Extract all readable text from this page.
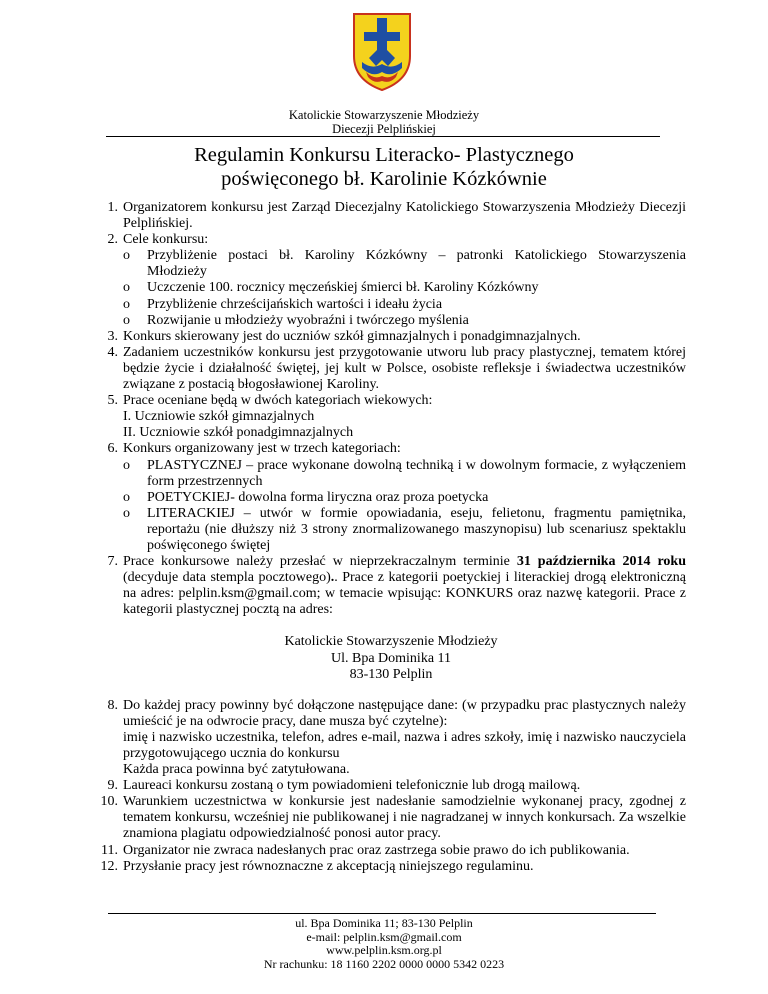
Katolickie Stowarzyszenie Młodzieży
Diecezji Pelplińskiej
Regulamin Konkursu Literacko- Plastycznego
poświęconego bł. Karolinie Kózkównie
1. Organizatorem konkursu jest Zarząd Diecezjalny Katolickiego Stowarzyszenia Młodzieży Diecezji Pelplińskiej.
2. Cele konkursu:
o Przybliżenie postaci bł. Karoliny Kózkówny – patronki Katolickiego Stowarzyszenia Młodzieży
o Uczczenie 100. rocznicy męczeńskiej śmierci bł. Karoliny Kózkówny
o Przybliżenie chrześcijańskich wartości i ideału życia
o Rozwijanie u młodzieży wyobraźni i twórczego myślenia
3. Konkurs skierowany jest do uczniów szkół gimnazjalnych i ponadgimnazjalnych.
4. Zadaniem uczestników konkursu jest przygotowanie utworu lub pracy plastycznej, tematem której będzie życie i działalność świętej, jej kult w Polsce, osobiste refleksje i świadectwa uczestników związane z postacią błogosławionej Karoliny.
5. Prace oceniane będą w dwóch kategoriach wiekowych:
I. Uczniowie szkół gimnazjalnych
II. Uczniowie szkół ponadgimnazjalnych
6. Konkurs organizowany jest w trzech kategoriach:
o PLASTYCZNEJ – prace wykonane dowolną techniką i w dowolnym formacie, z wyłączeniem form przestrzennych
o POETYCKIEJ- dowolna forma liryczna oraz proza poetycka
o LITERACKIEJ – utwór w formie opowiadania, eseju, felietonu, fragmentu pamiętnika, reportażu (nie dłuższy niż 3 strony znormalizowanego maszynopisu) lub scenariusz spektaklu poświęconego świętej
7. Prace konkursowe należy przesłać w nieprzekraczalnym terminie 31 października 2014 roku (decyduje data stempla pocztowego).. Prace z kategorii poetyckiej i literackiej drogą elektroniczną na adres: pelplin.ksm@gmail.com; w temacie wpisując: KONKURS oraz nazwę kategorii. Prace z kategorii plastycznej pocztą na adres:
Katolickie Stowarzyszenie Młodzieży
Ul. Bpa Dominika 11
83-130 Pelplin
8. Do każdej pracy powinny być dołączone następujące dane: (w przypadku prac plastycznych należy umieścić je na odwrocie pracy, dane musza być czytelne):
imię i nazwisko uczestnika, telefon, adres e-mail, nazwa i adres szkoły, imię i nazwisko nauczyciela przygotowującego ucznia do konkursu
Każda praca powinna być zatytułowana.
9. Laureaci konkursu zostaną o tym powiadomieni telefonicznie lub drogą mailową.
10. Warunkiem uczestnictwa w konkursie jest nadesłanie samodzielnie wykonanej pracy, zgodnej z tematem konkursu, wcześniej nie publikowanej i nie nagradzanej w innych konkursach. Za wszelkie znamiona plagiatu odpowiedzialność ponosi autor pracy.
11. Organizator nie zwraca nadesłanych prac oraz zastrzega sobie prawo do ich publikowania.
12. Przysłanie pracy jest równoznaczne z akceptacją niniejszego regulaminu.
ul. Bpa Dominika 11; 83-130 Pelplin
e-mail: pelplin.ksm@gmail.com
www.pelplin.ksm.org.pl
Nr rachunku: 18 1160 2202 0000 0000 5342 0223
